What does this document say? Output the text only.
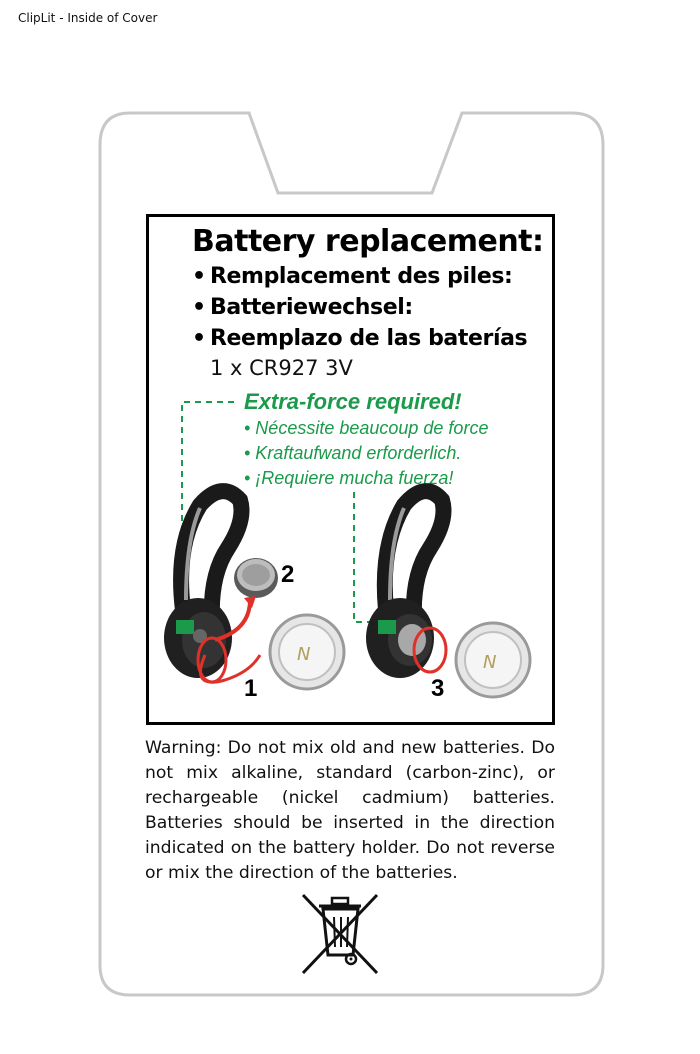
ClipLit - Inside of Cover
Battery replacement:
• Remplacement des piles:
• Batteriewechsel:
• Reemplazo de las baterías
1 x CR927 3V
Extra-force required!
• Nécessite beaucoup de force
• Kraftaufwand erforderlich.
• ¡Requiere mucha fuerza!
N	N
2
1	3
Warning: Do not mix old and new batteries. Do not mix alkaline, standard (carbon-zinc), or rechargeable (nickel cadmium) batteries. Batteries should be inserted in the direction indicated on the battery holder. Do not reverse or mix the direction of the batteries.
